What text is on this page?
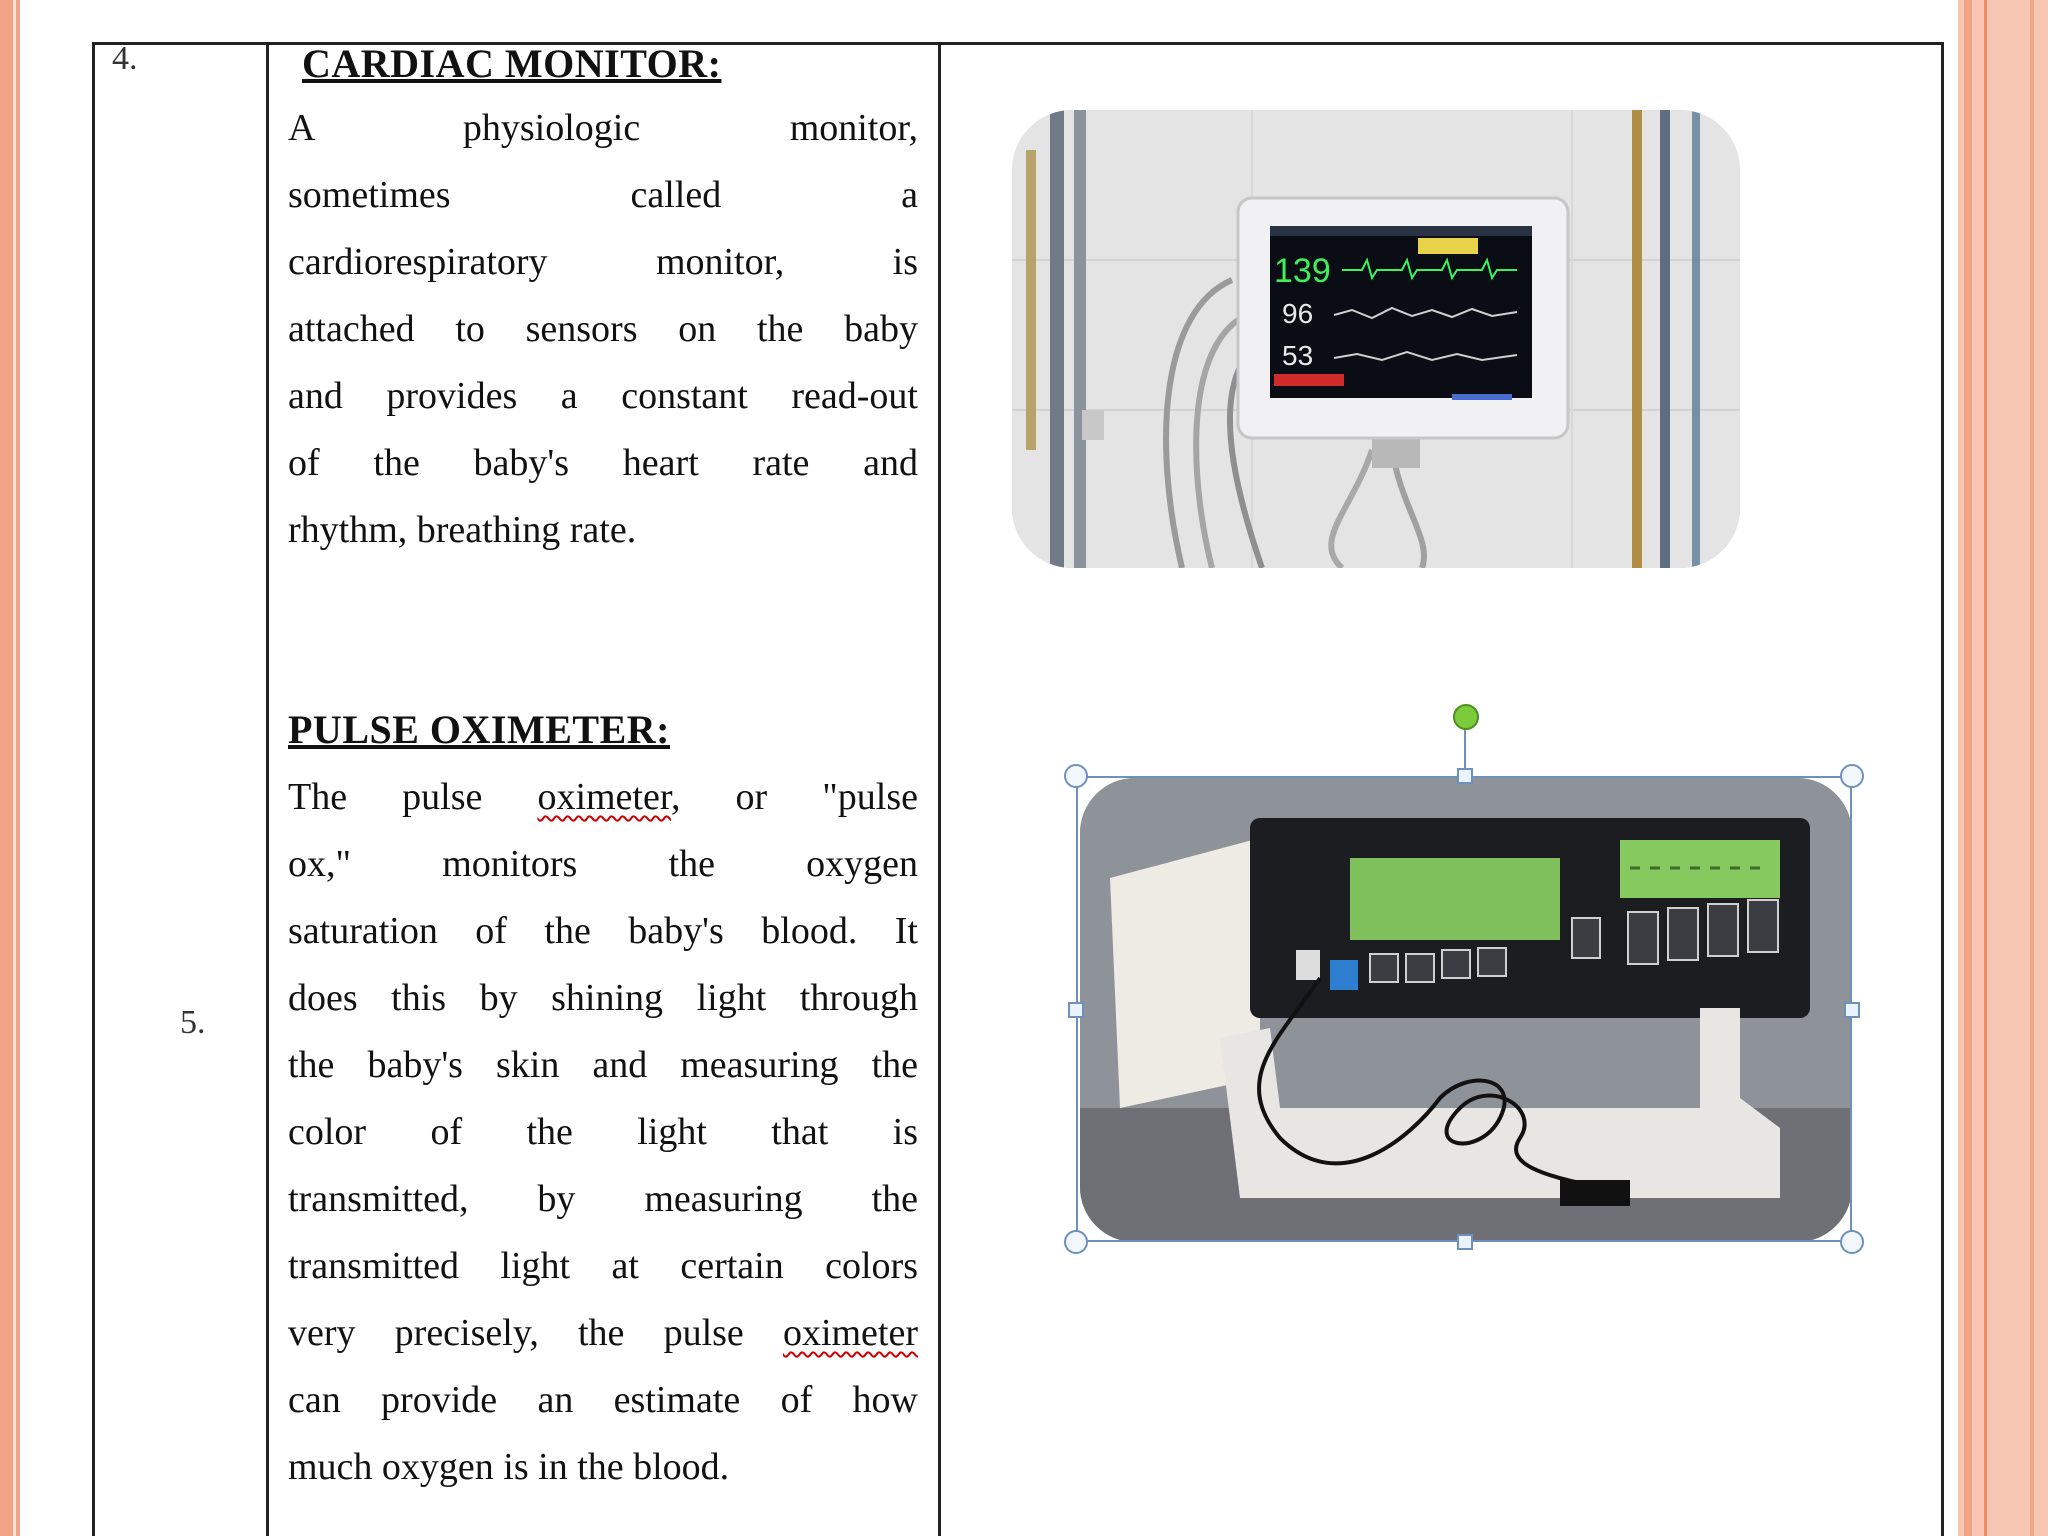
4.
5.
CARDIAC MONITOR:
A physiologic monitor,
sometimes called a
cardiorespiratory monitor, is
attached to sensors on the baby
and provides a constant read-out
of the baby's heart rate and
rhythm, breathing rate.
PULSE OXIMETER:
The pulse oximeter, or "pulse
ox," monitors the oxygen
saturation of the baby's blood. It
does this by shining light through
the baby's skin and measuring the
color of the light that is
transmitted, by measuring the
transmitted light at certain colors
very precisely, the pulse oximeter
can provide an estimate of how
much oxygen is in the blood.
139
96
53
